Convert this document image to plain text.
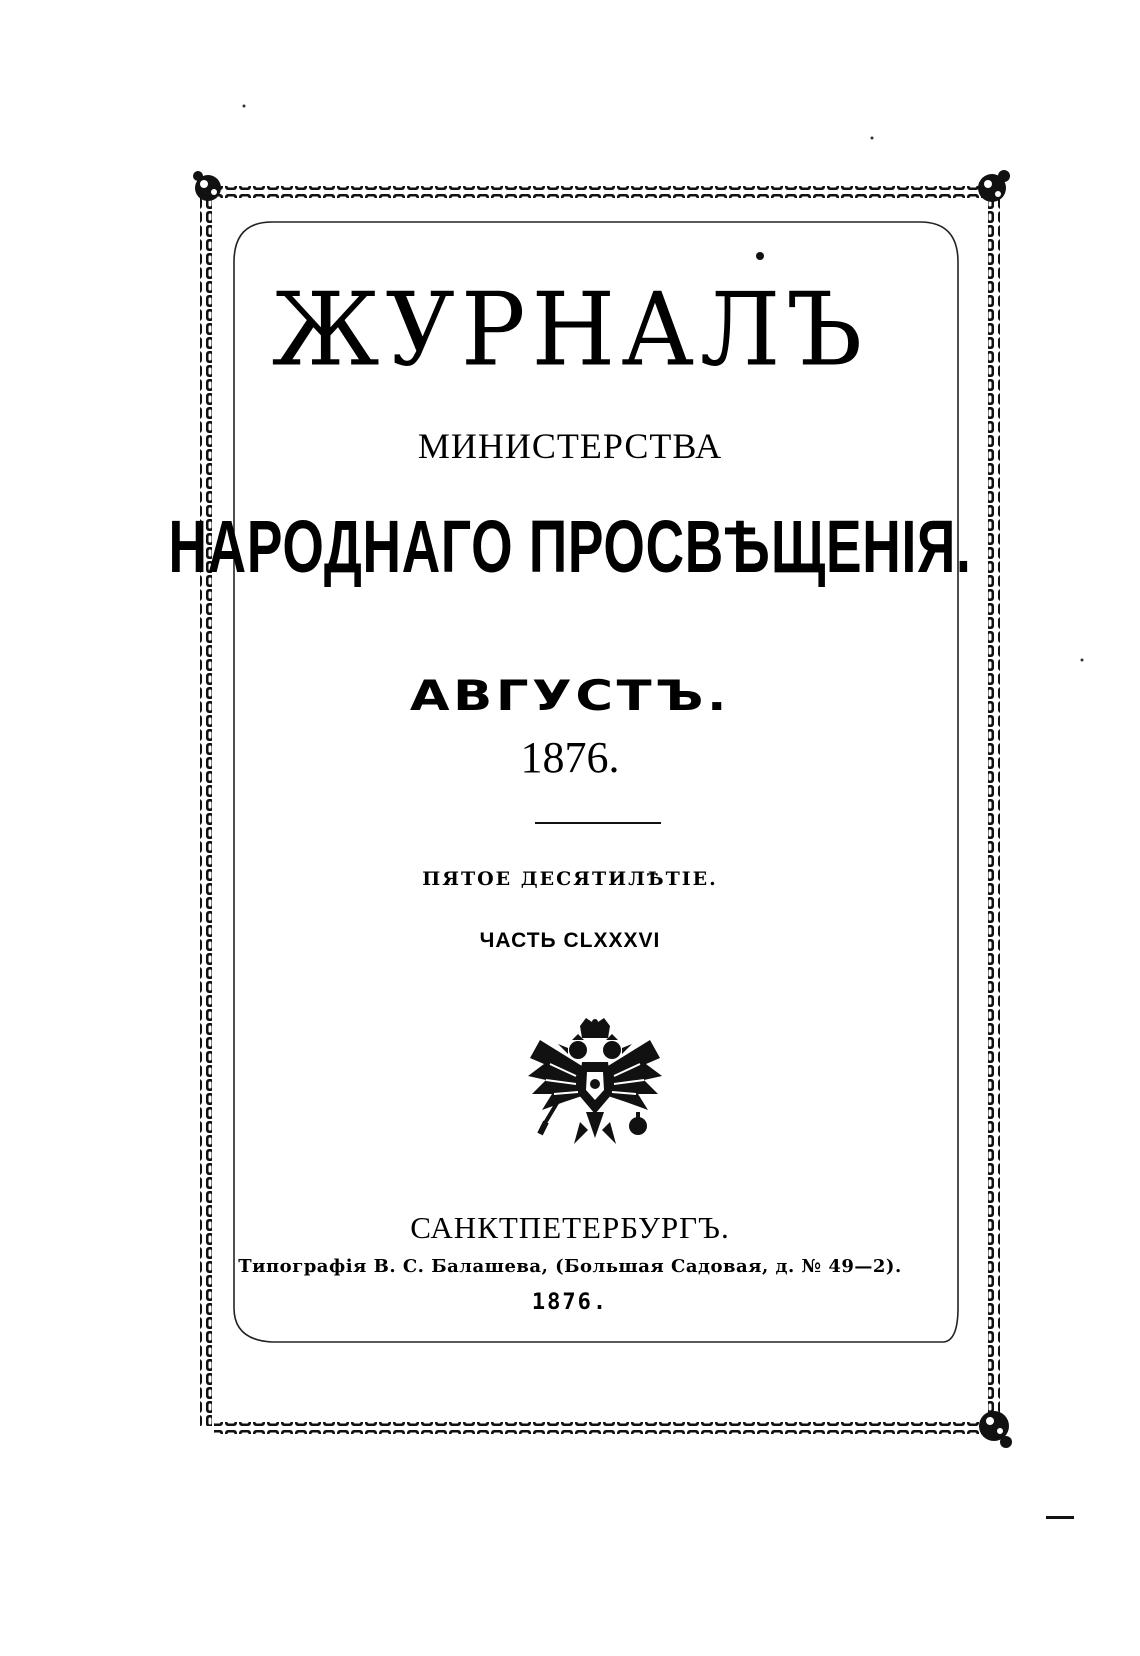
ЖУРНАЛЪ
МИНИСТЕРСТВА
НАРОДНАГО ПРОСВѢЩЕНІЯ.
АВГУСТЪ.
1876.
ПЯТОЕ ДЕСЯТИЛѢТІЕ.
ЧАСТЬ CLXXXVI
САНКТПЕТЕРБУРГЪ.
Типографія В. С. Балашева, (Большая Садовая, д. № 49—2).
1876.
